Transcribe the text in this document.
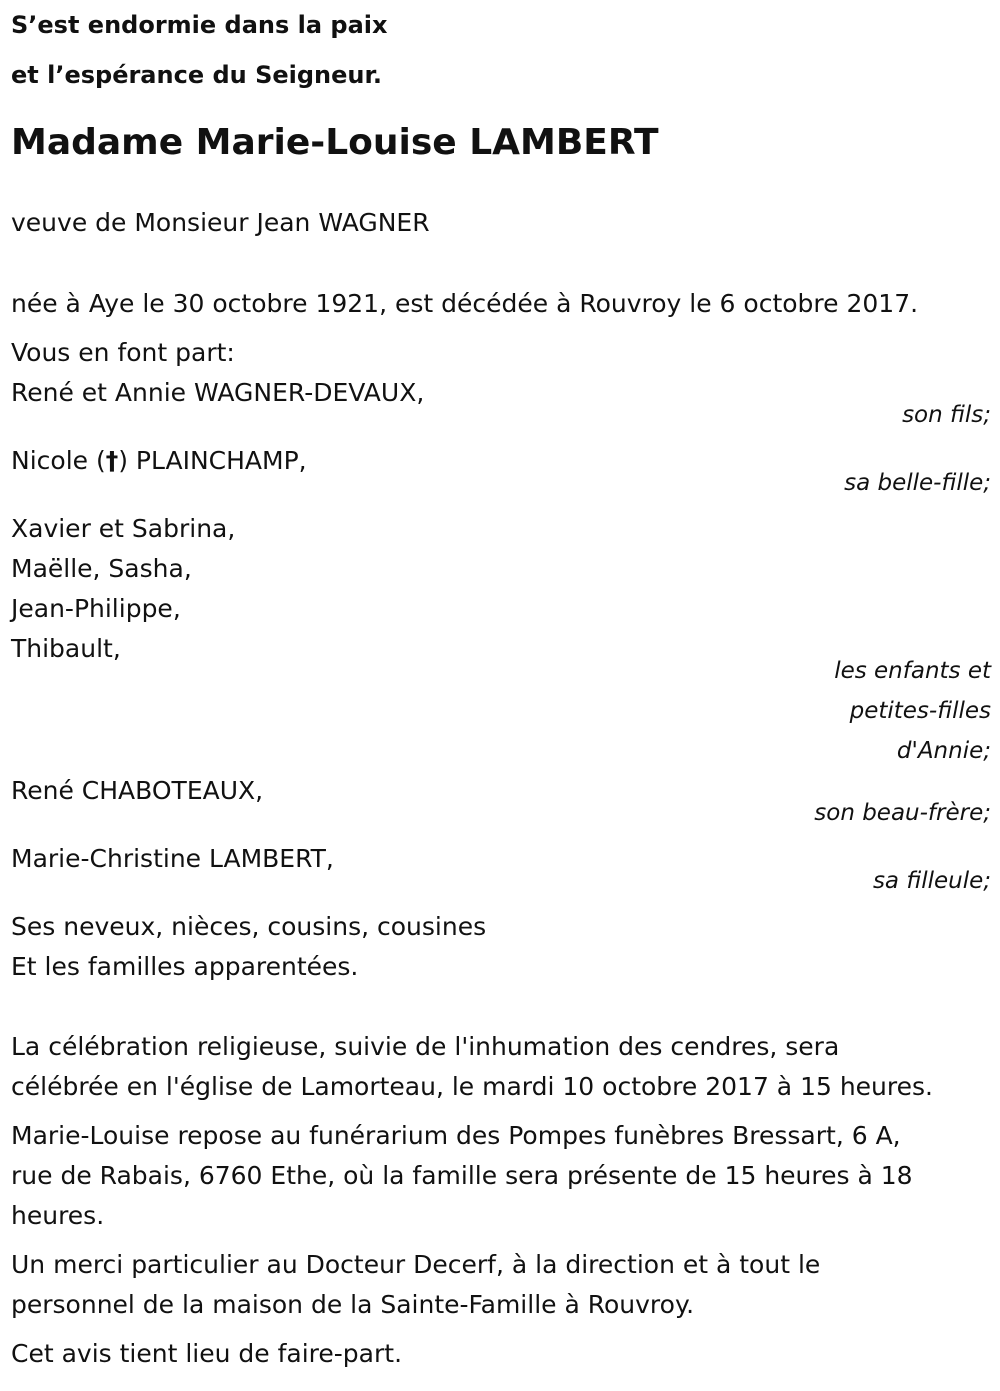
S’est endormie dans la paix
et l’espérance du Seigneur.

Madame Marie-Louise LAMBERT

veuve de Monsieur Jean WAGNER

née à Aye le 30 octobre 1921, est décédée à Rouvroy le 6 octobre 2017.

Vous en font part:

René et Annie WAGNER-DEVAUX,

son fils;

Nicole (†) PLAINCHAMP,

sa belle-fille;

Xavier et Sabrina,

Maëlle, Sasha,

Jean-Philippe,

Thibault,

les enfants et
petites-filles
d'Annie;

René CHABOTEAUX,

son beau-frère;

Marie-Christine LAMBERT,

sa filleule;

Ses neveux, nièces, cousins, cousines

Et les familles apparentées.

La célébration religieuse, suivie de l'inhumation des cendres, sera

célébrée en l'église de Lamorteau, le mardi 10 octobre 2017 à 15 heures.

Marie-Louise repose au funérarium des Pompes funèbres Bressart, 6 A,

rue de Rabais, 6760 Ethe, où la famille sera présente de 15 heures à 18

heures.

Un merci particulier au Docteur Decerf, à la direction et à tout le

personnel de la maison de la Sainte-Famille à Rouvroy.

Cet avis tient lieu de faire-part.
